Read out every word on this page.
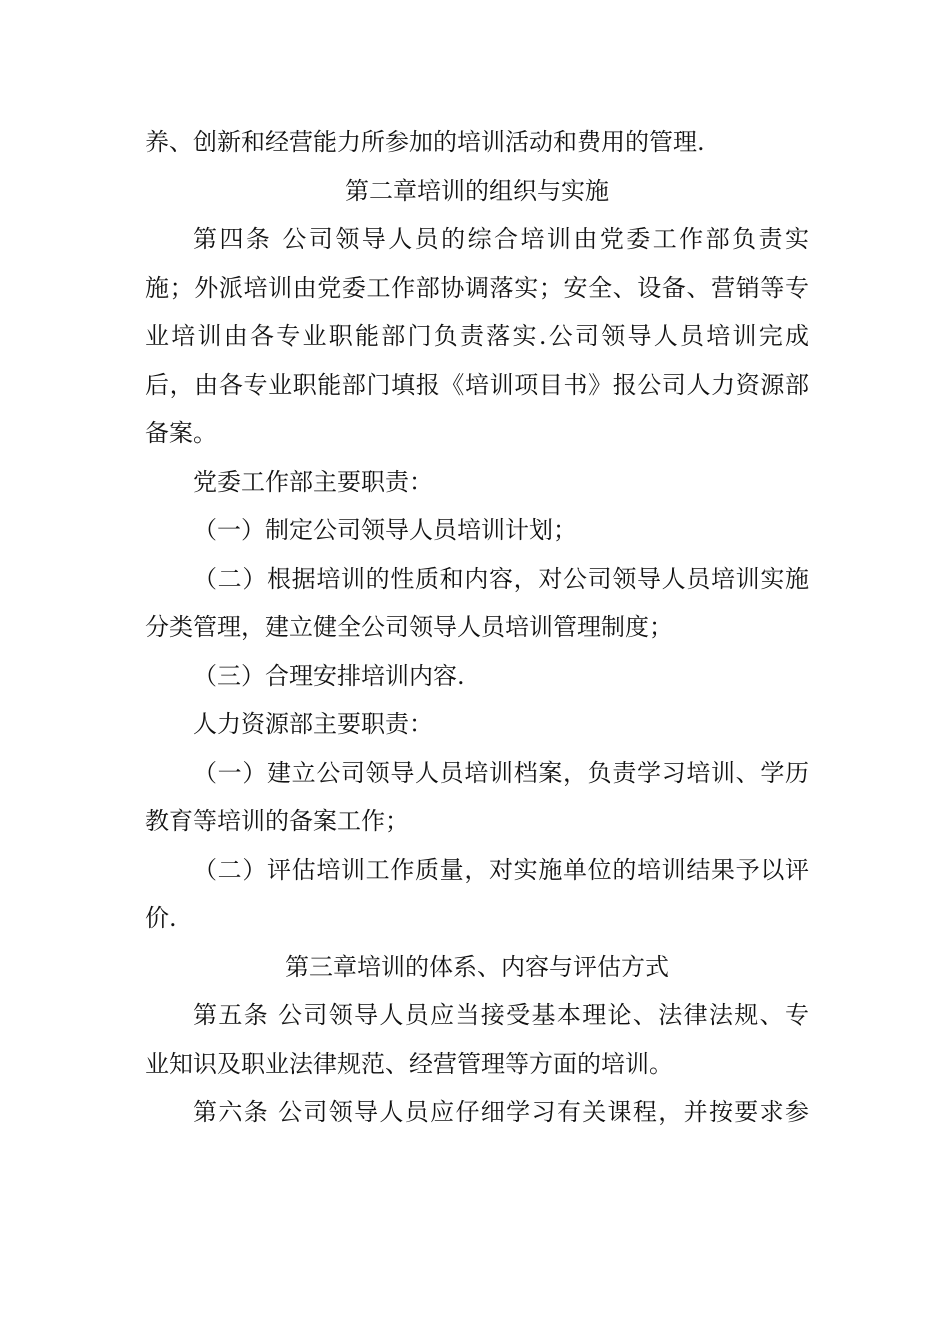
养、创新和经营能力所参加的培训活动和费用的管理.
第二章培训的组织与实施
第四条 公司领导人员的综合培训由党委工作部负责实
施；外派培训由党委工作部协调落实；安全、设备、营销等专
业培训由各专业职能部门负责落实.公司领导人员培训完成
后，由各专业职能部门填报《培训项目书》报公司人力资源部
备案。
党委工作部主要职责：
（一）制定公司领导人员培训计划；
（二）根据培训的性质和内容，对公司领导人员培训实施
分类管理，建立健全公司领导人员培训管理制度；
（三）合理安排培训内容.
人力资源部主要职责：
（一）建立公司领导人员培训档案，负责学习培训、学历
教育等培训的备案工作；
（二）评估培训工作质量，对实施单位的培训结果予以评
价.
第三章培训的体系、内容与评估方式
第五条 公司领导人员应当接受基本理论、法律法规、专
业知识及职业法律规范、经营管理等方面的培训。
第六条 公司领导人员应仔细学习有关课程，并按要求参
